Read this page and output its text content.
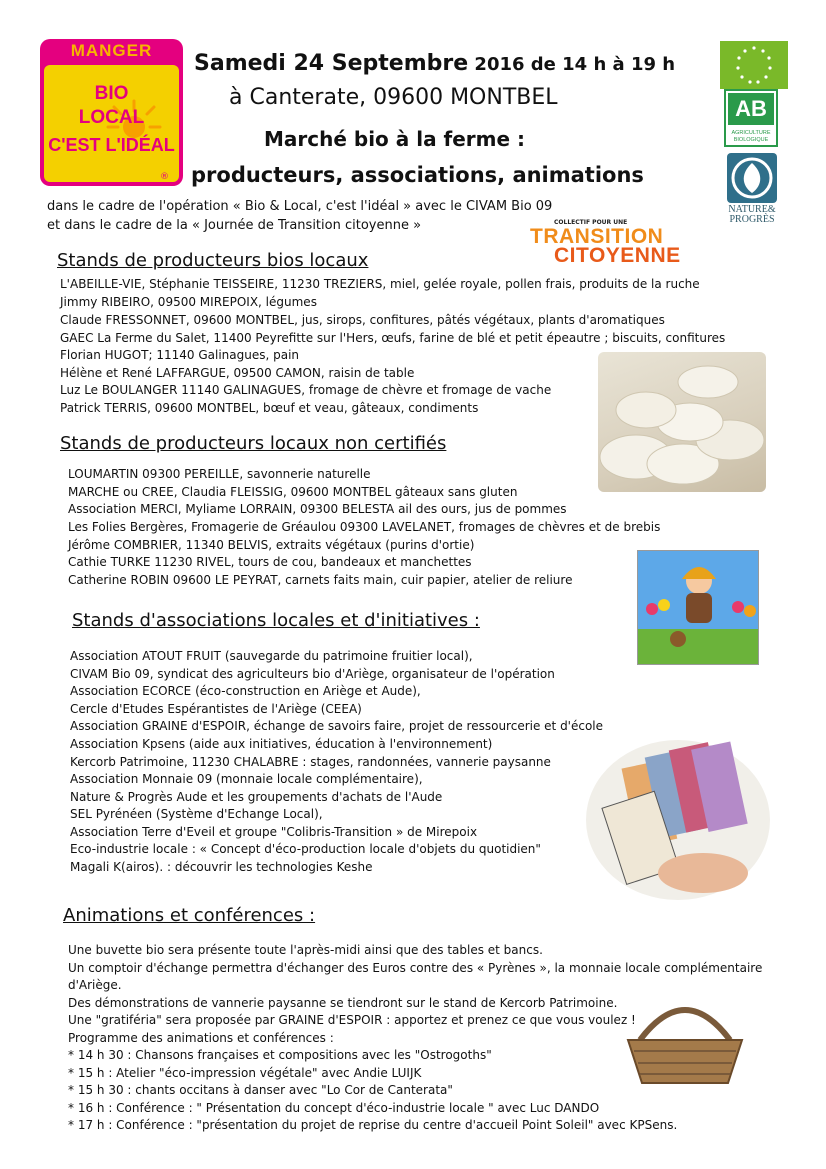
MANGER
BIO
LOCAL
C'EST L'IDÉAL
®
AB
AGRICULTURE
BIOLOGIQUE
NATURE&
PROGRÈS
Samedi 24 Septembre 2016 de 14 h à 19 h
à Canterate, 09600 MONTBEL
Marché bio à la ferme :
producteurs, associations, animations
dans le cadre de l'opération « Bio & Local, c'est l'idéal » avec le CIVAM Bio 09
et dans le cadre de la « Journée de Transition citoyenne »	COLLECTIF POUR UNE
TRANSITION
CITOYENNE
Stands de producteurs bios locaux
L'ABEILLE-VIE, Stéphanie TEISSEIRE, 11230 TREZIERS, miel, gelée royale, pollen frais, produits de la ruche
Jimmy RIBEIRO, 09500 MIREPOIX, légumes
Claude FRESSONNET, 09600 MONTBEL, jus, sirops, confitures, pâtés végétaux, plants d'aromatiques
GAEC La Ferme du Salet, 11400 Peyrefitte sur l'Hers, œufs, farine de blé et petit épeautre ; biscuits, confitures
Florian HUGOT; 11140 Galinagues, pain
Hélène et René LAFFARGUE, 09500 CAMON, raisin de table
Luz Le BOULANGER 11140 GALINAGUES, fromage de chèvre et fromage de vache
Patrick TERRIS, 09600 MONTBEL, bœuf et veau, gâteaux, condiments
Stands de producteurs locaux non certifiés
LOUMARTIN 09300 PEREILLE, savonnerie naturelle
MARCHE ou CREE, Claudia FLEISSIG, 09600 MONTBEL gâteaux sans gluten
Association MERCI, Myliame LORRAIN, 09300 BELESTA ail des ours, jus de pommes
Les Folies Bergères, Fromagerie de Gréaulou 09300 LAVELANET, fromages de chèvres et de brebis
Jérôme COMBRIER, 11340 BELVIS, extraits végétaux (purins d'ortie)
Cathie TURKE 11230 RIVEL, tours de cou, bandeaux et manchettes
Catherine ROBIN 09600 LE PEYRAT, carnets faits main, cuir papier, atelier de reliure
Stands d'associations locales et d'initiatives :
Association ATOUT FRUIT (sauvegarde du patrimoine fruitier local),
CIVAM Bio 09, syndicat des agriculteurs bio d'Ariège, organisateur de l'opération
Association ECORCE (éco-construction en Ariège et Aude),
Cercle d'Etudes Espérantistes de l'Ariège (CEEA)
Association GRAINE d'ESPOIR, échange de savoirs faire, projet de ressourcerie et d'école
Association Kpsens (aide aux initiatives, éducation à l'environnement)
Kercorb Patrimoine, 11230 CHALABRE : stages, randonnées, vannerie paysanne
Association Monnaie 09 (monnaie locale complémentaire),
Nature & Progrès Aude et les groupements d'achats de l'Aude
SEL Pyrénéen (Système d'Echange Local),
Association Terre d'Eveil et groupe "Colibris-Transition » de Mirepoix
Eco-industrie locale : « Concept d'éco-production locale d'objets du quotidien"
Magali K(airos). : découvrir les technologies Keshe
Animations et conférences :
Une buvette bio sera présente toute l'après-midi ainsi que des tables et bancs.
Un comptoir d'échange permettra d'échanger des Euros contre des « Pyrènes », la monnaie locale complémentaire
d'Ariège.
Des démonstrations de vannerie paysanne se tiendront sur le stand de Kercorb Patrimoine.
Une "gratiféria" sera proposée par GRAINE d'ESPOIR : apportez et prenez ce que vous voulez !
Programme des animations et conférences :
* 14 h 30 : Chansons françaises et compositions avec les "Ostrogoths"
* 15 h : Atelier "éco-impression végétale" avec Andie LUIJK
* 15 h 30 : chants occitans à danser avec "Lo Cor de Canterata"
* 16 h : Conférence : " Présentation du concept d'éco-industrie locale " avec Luc DANDO
* 17 h : Conférence : "présentation du projet de reprise du centre d'accueil Point Soleil" avec KPSens.
